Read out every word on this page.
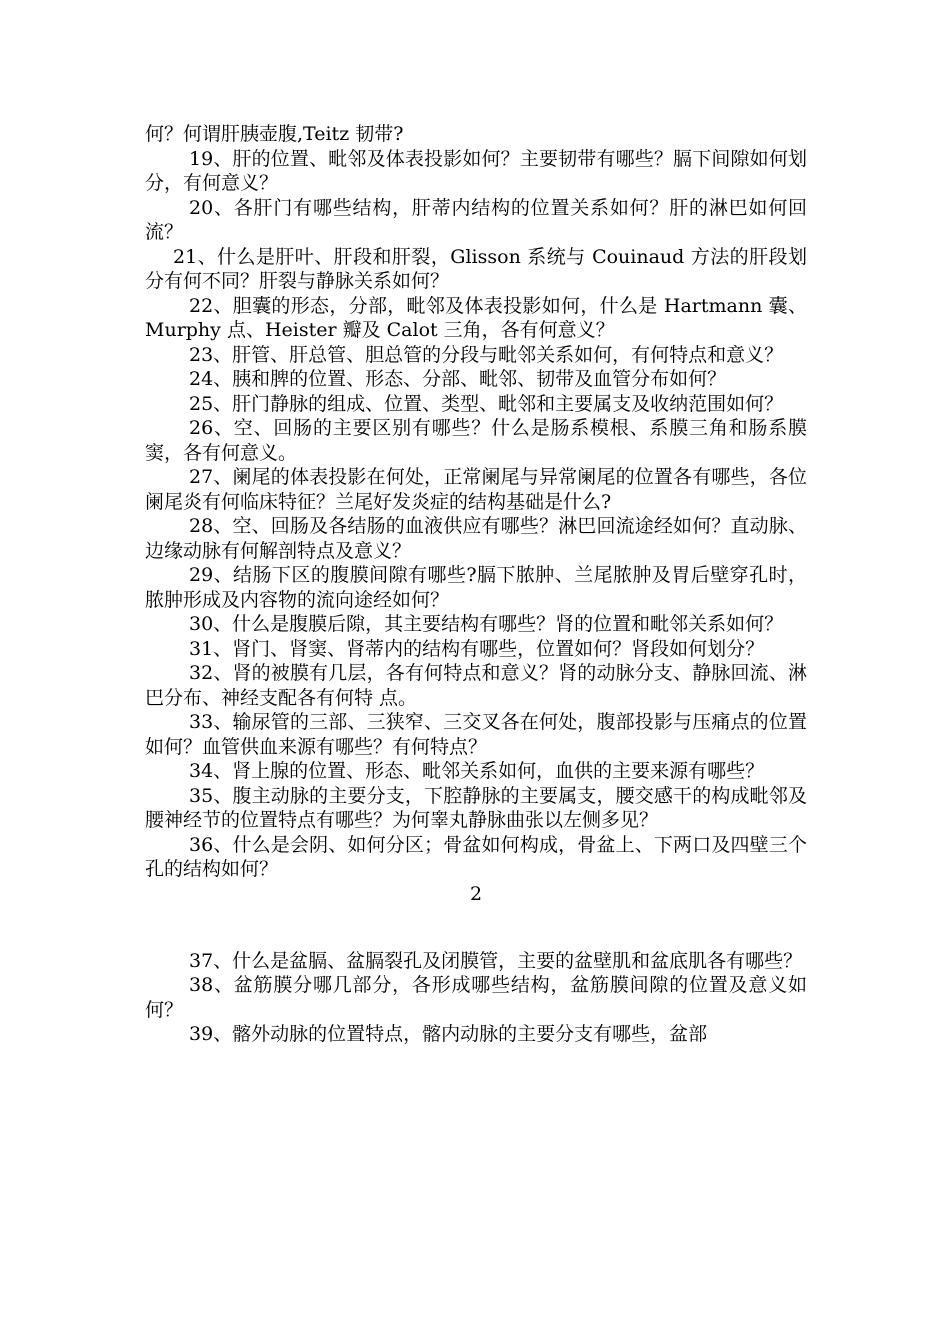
何？何谓肝胰壶腹,Teitz 韧带?

19、肝的位置、毗邻及体表投影如何？主要韧带有哪些？膈下间隙如何划分，有何意义？

20、各肝门有哪些结构，肝蒂内结构的位置关系如何？肝的淋巴如何回流？

21、什么是肝叶、肝段和肝裂，Glisson 系统与 Couinaud 方法的肝段划分有何不同？肝裂与静脉关系如何？

22、胆囊的形态，分部，毗邻及体表投影如何，什么是 Hartmann 囊、Murphy 点、Heister 瓣及 Calot 三角，各有何意义？

23、肝管、肝总管、胆总管的分段与毗邻关系如何，有何特点和意义？

24、胰和脾的位置、形态、分部、毗邻、韧带及血管分布如何？

25、肝门静脉的组成、位置、类型、毗邻和主要属支及收纳范围如何？

26、空、回肠的主要区别有哪些？什么是肠系模根、系膜三角和肠系膜窦，各有何意义。

27、阑尾的体表投影在何处，正常阑尾与异常阑尾的位置各有哪些，各位阑尾炎有何临床特征？兰尾好发炎症的结构基础是什么?

28、空、回肠及各结肠的血液供应有哪些？淋巴回流途经如何？直动脉、边缘动脉有何解剖特点及意义？

29、结肠下区的腹膜间隙有哪些?膈下脓肿、兰尾脓肿及胃后壁穿孔时，脓肿形成及内容物的流向途经如何？

30、什么是腹膜后隙，其主要结构有哪些？肾的位置和毗邻关系如何？

31、肾门、肾窦、肾蒂内的结构有哪些，位置如何？肾段如何划分？

32、肾的被膜有几层，各有何特点和意义？肾的动脉分支、静脉回流、淋巴分布、神经支配各有何特 点。

33、输尿管的三部、三狭窄、三交叉各在何处，腹部投影与压痛点的位置如何？血管供血来源有哪些？有何特点？

34、肾上腺的位置、形态、毗邻关系如何，血供的主要来源有哪些？

35、腹主动脉的主要分支，下腔静脉的主要属支，腰交感干的构成毗邻及腰神经节的位置特点有哪些？为何睾丸静脉曲张以左侧多见？

36、什么是会阴、如何分区；骨盆如何构成，骨盆上、下两口及四壁三个孔的结构如何？

2

37、什么是盆膈、盆膈裂孔及闭膜管，主要的盆壁肌和盆底肌各有哪些？

38、盆筋膜分哪几部分，各形成哪些结构，盆筋膜间隙的位置及意义如何？

39、髂外动脉的位置特点，髂内动脉的主要分支有哪些，盆部
